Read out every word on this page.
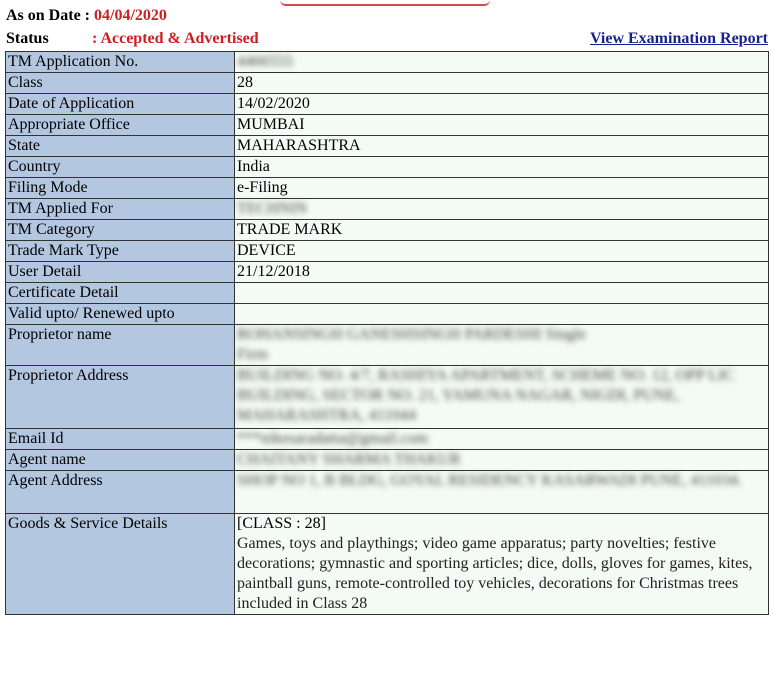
As on Date : 04/04/2020
Status	: Accepted & Advertised	View Examination Report
TM Application No.	4466555
Class	28
Date of Application	14/02/2020
Appropriate Office	MUMBAI
State	MAHARASHTRA
Country	India
Filing Mode	e-Filing
TM Applied For	TECHNIN
TM Category	TRADE MARK
Trade Mark Type	DEVICE
User Detail	21/12/2018
Certificate Detail	
Valid upto/ Renewed upto	
Proprietor name	ROHANSINGH GANESHSINGH PARDESHI Single Firm
Proprietor Address	BUILDING NO. 4/7, RASHIYA APARTMENT, SCHEME NO. 12, OPP LIC BUILDING, SECTOR NO. 21, YAMUNA NAGAR, NIGDI, PUNE, MAHARASHTRA, 411044
Email Id	***nikesaradatta@gmail.com
Agent name	CHAITANY SHARMA THAKUR
Agent Address	SHOP NO 1, B BLDG, GOYAL RESIDENCY KASARWADI PUNE, 411034.
Goods & Service Details	[CLASS : 28]
Games, toys and playthings; video game apparatus; party novelties; festive decorations; gymnastic and sporting articles; dice, dolls, gloves for games, kites, paintball guns, remote-controlled toy vehicles, decorations for Christmas trees included in Class 28
